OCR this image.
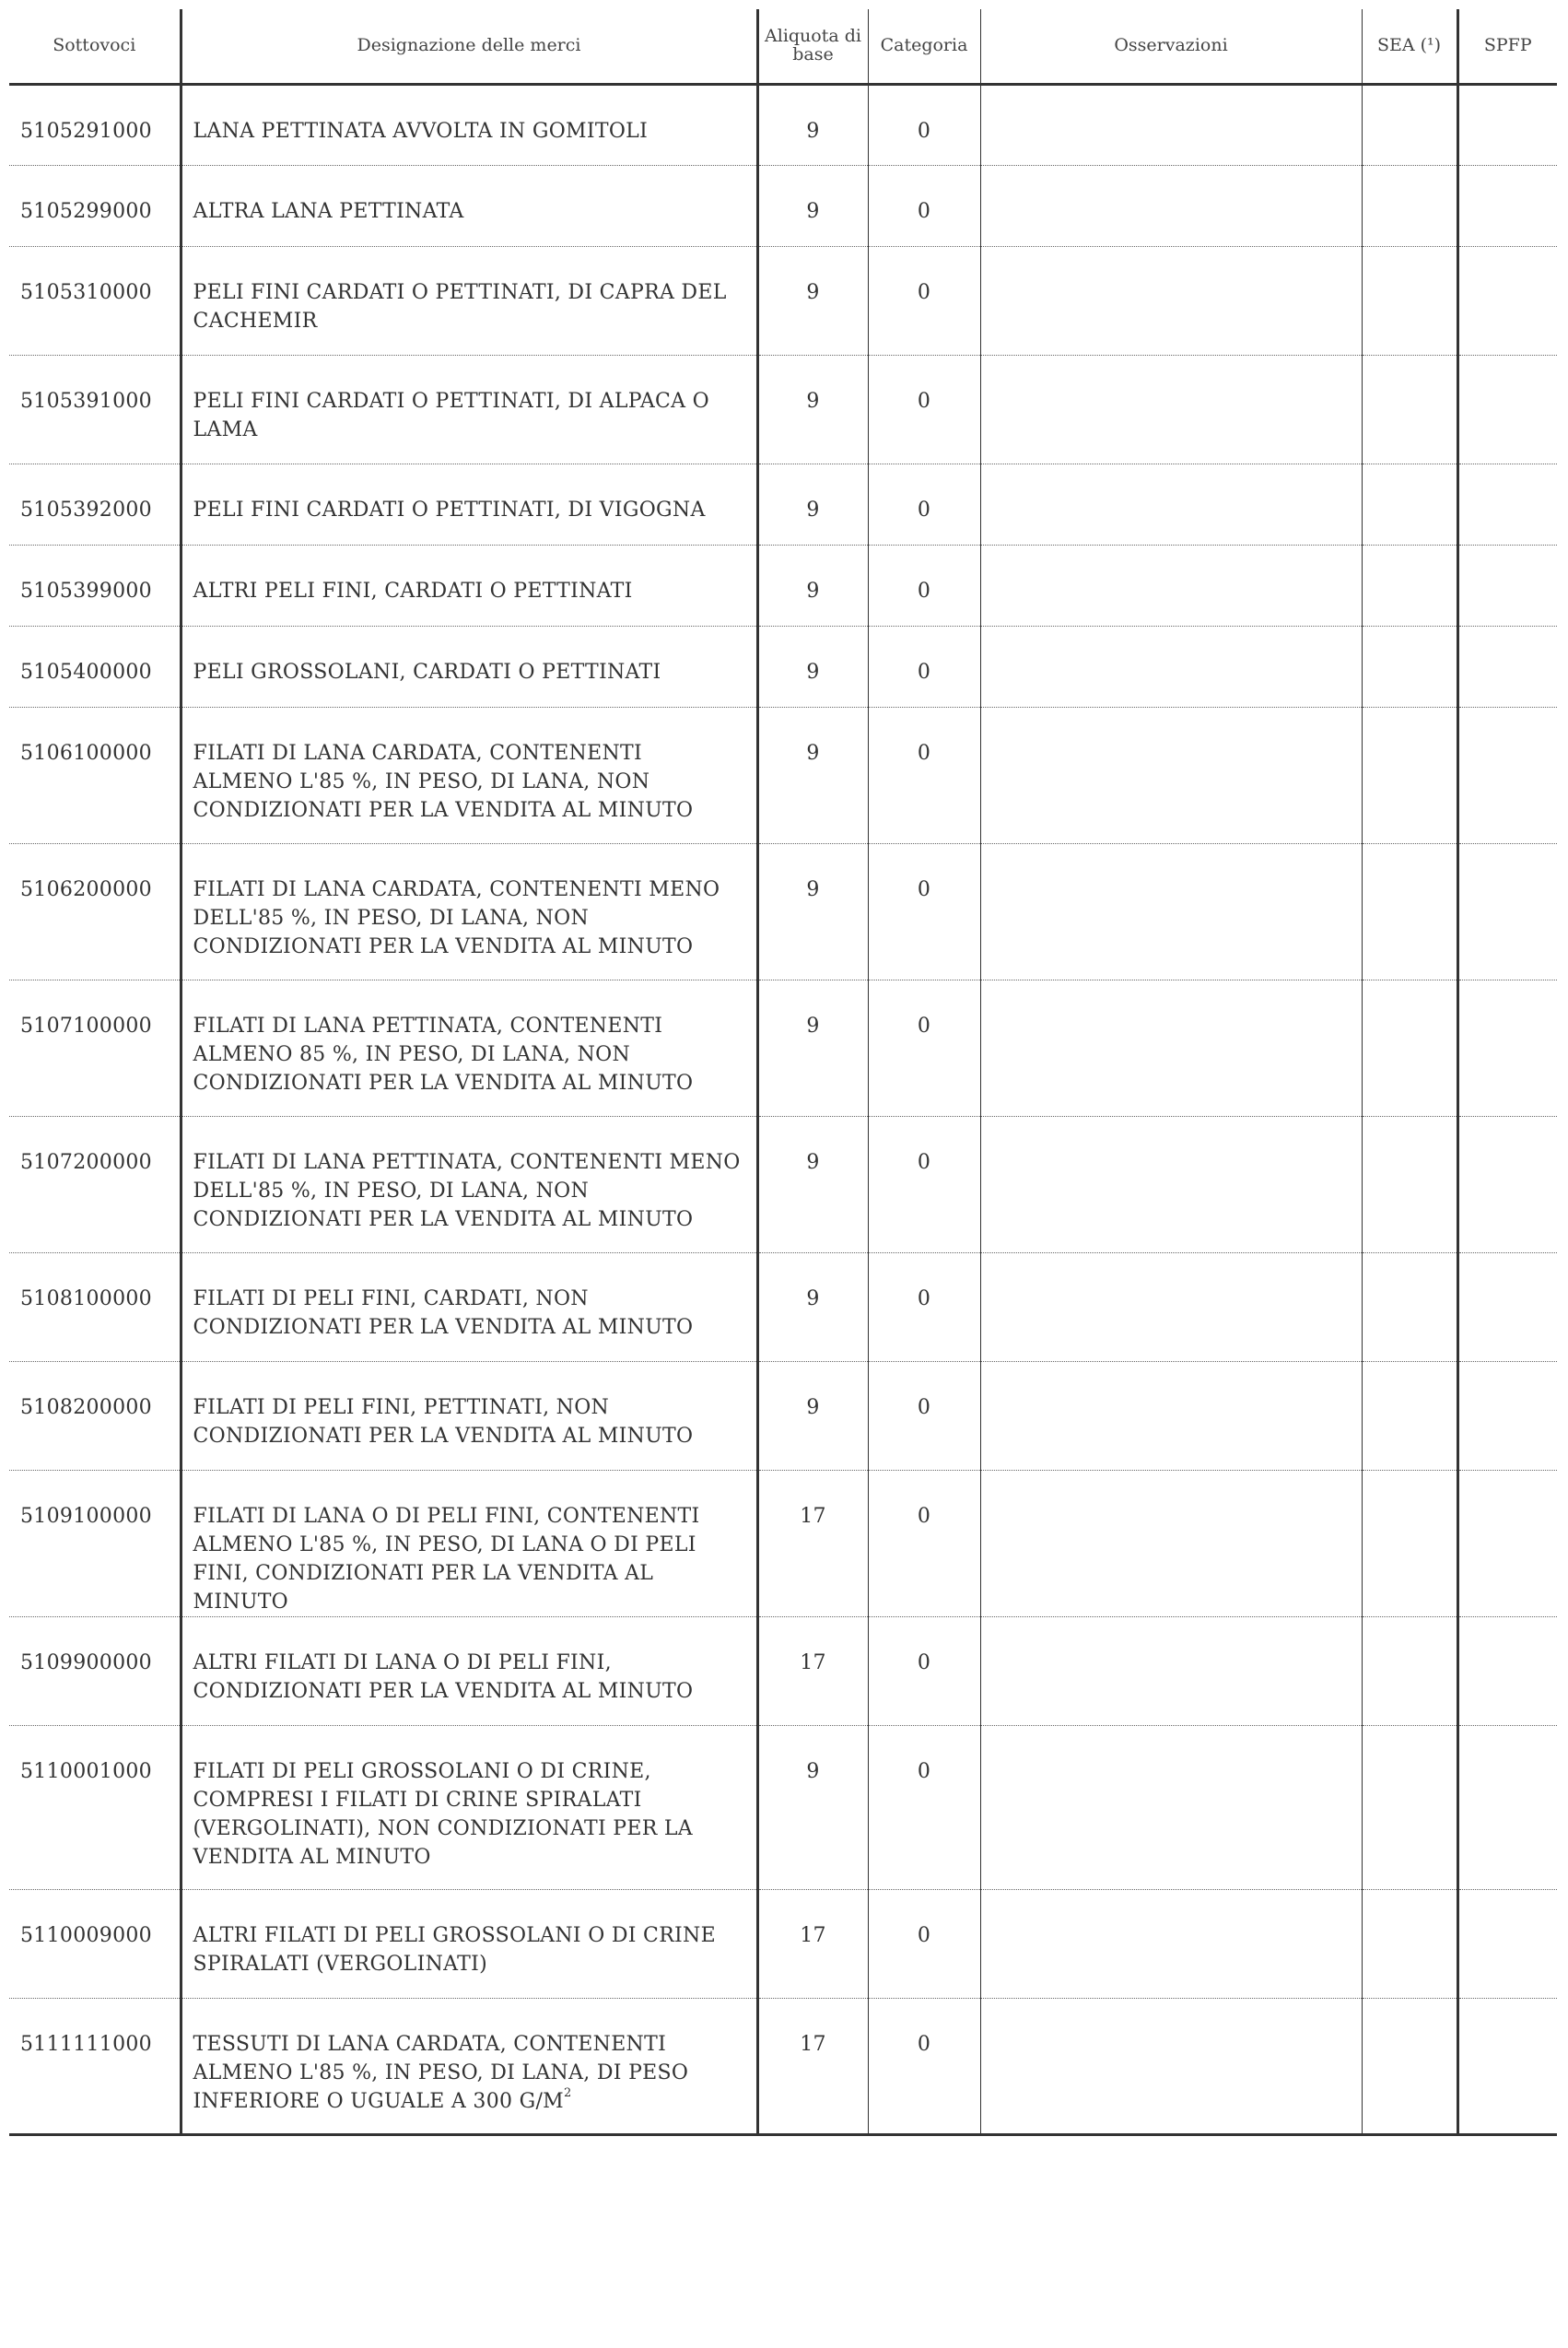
Sottovoci	Designazione delle merci	Aliquota di base	Categoria	Osservazioni	SEA (¹)	SPFP
5105291000	LANA PETTINATA AVVOLTA IN GOMITOLI	9	0			
5105299000	ALTRA LANA PETTINATA	9	0			
5105310000	PELI FINI CARDATI O PETTINATI, DI CAPRA DEL CACHEMIR	9	0			
5105391000	PELI FINI CARDATI O PETTINATI, DI ALPACA O LAMA	9	0			
5105392000	PELI FINI CARDATI O PETTINATI, DI VIGOGNA	9	0			
5105399000	ALTRI PELI FINI, CARDATI O PETTINATI	9	0			
5105400000	PELI GROSSOLANI, CARDATI O PETTINATI	9	0			
5106100000	FILATI DI LANA CARDATA, CONTENENTI ALMENO L'85 %, IN PESO, DI LANA, NON CONDIZIONATI PER LA VENDITA AL MINUTO	9	0			
5106200000	FILATI DI LANA CARDATA, CONTENENTI MENO DELL'85 %, IN PESO, DI LANA, NON CONDIZIONATI PER LA VENDITA AL MINUTO	9	0			
5107100000	FILATI DI LANA PETTINATA, CONTENENTI ALMENO 85 %, IN PESO, DI LANA, NON CONDIZIONATI PER LA VENDITA AL MINUTO	9	0			
5107200000	FILATI DI LANA PETTINATA, CONTENENTI MENO DELL'85 %, IN PESO, DI LANA, NON CONDIZIONATI PER LA VENDITA AL MINUTO	9	0			
5108100000	FILATI DI PELI FINI, CARDATI, NON CONDIZIONATI PER LA VENDITA AL MINUTO	9	0			
5108200000	FILATI DI PELI FINI, PETTINATI, NON CONDIZIONATI PER LA VENDITA AL MINUTO	9	0			
5109100000	FILATI DI LANA O DI PELI FINI, CONTENENTI ALMENO L'85 %, IN PESO, DI LANA O DI PELI FINI, CONDIZIONATI PER LA VENDITA AL MINUTO	17	0			
5109900000	ALTRI FILATI DI LANA O DI PELI FINI, CONDIZIONATI PER LA VENDITA AL MINUTO	17	0			
5110001000	FILATI DI PELI GROSSOLANI O DI CRINE, COMPRESI I FILATI DI CRINE SPIRALATI (VERGOLINATI), NON CONDIZIONATI PER LA VENDITA AL MINUTO	9	0			
5110009000	ALTRI FILATI DI PELI GROSSOLANI O DI CRINE SPIRALATI (VERGOLINATI)	17	0			
5111111000	TESSUTI DI LANA CARDATA, CONTENENTI ALMENO L'85 %, IN PESO, DI LANA, DI PESO INFERIORE O UGUALE A 300 $G/M^2$	17	0			
